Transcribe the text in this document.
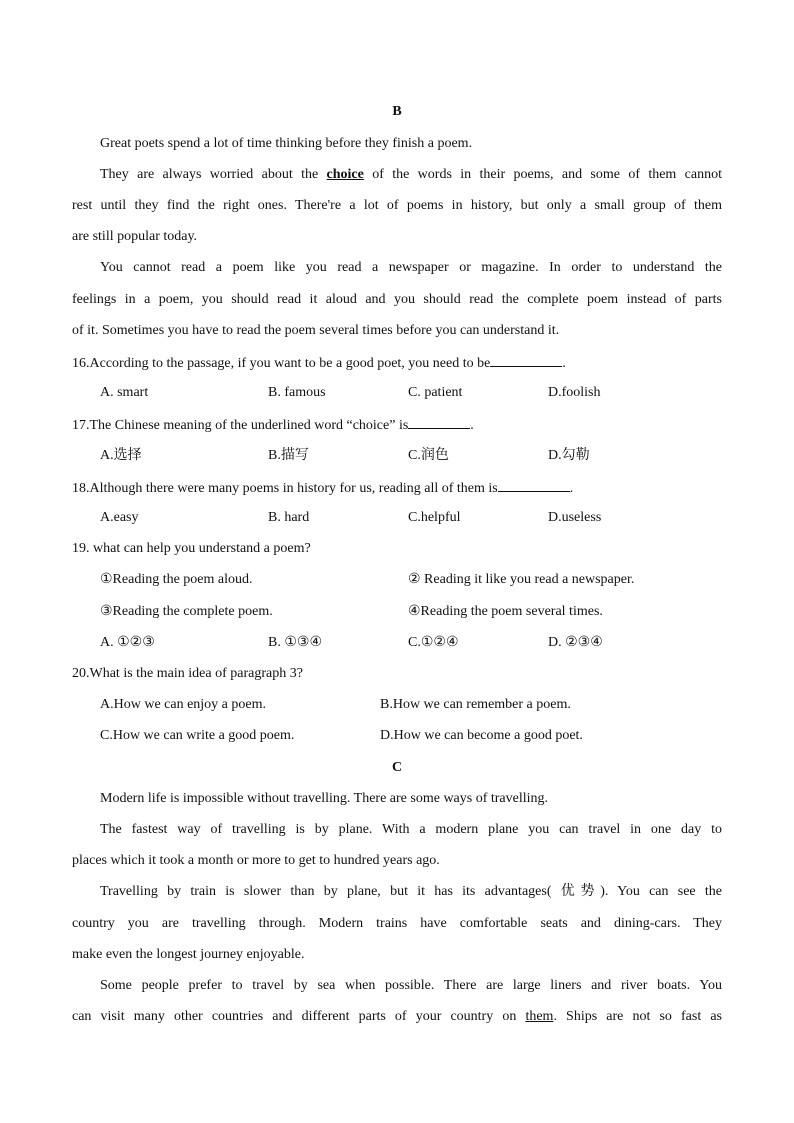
B
Great poets spend a lot of time thinking before they finish a poem.
They are always worried about the choice of the words in their poems, and some of them cannot
rest until they find the right ones. There're a lot of poems in history, but only a small group of them
are still popular today.
You cannot read a poem like you read a newspaper or magazine. In order to understand the
feelings in a poem, you should read it aloud and you should read the complete poem instead of parts
of it. Sometimes you have to read the poem several times before you can understand it.
16.According to the passage, if you want to be a good poet, you need to be	.
A. smart	B. famous	C. patient	D.foolish
17.The Chinese meaning of the underlined word “choice” is	.
A.选择	B.描写	C.润色	D.勾勒
18.Although there were many poems in history for us, reading all of them is	.
A.easy	B. hard	C.helpful	D.useless
19. what can help you understand a poem?
①Reading the poem aloud.	② Reading it like you read a newspaper.
③Reading the complete poem.	④Reading the poem several times.
A. ①②③	B. ①③④	C.①②④	D. ②③④
20.What is the main idea of paragraph 3?
A.How we can enjoy a poem.	B.How we can remember a poem.
C.How we can write a good poem.	D.How we can become a good poet.
C
Modern life is impossible without travelling. There are some ways of travelling.
The fastest way of travelling is by plane. With a modern plane you can travel in one day to
places which it took a month or more to get to hundred years ago.
Travelling by train is slower than by plane, but it has its advantages( 优势). You can see the
country you are travelling through. Modern trains have comfortable seats and dining-cars. They
make even the longest journey enjoyable.
Some people prefer to travel by sea when possible. There are large liners and river boats. You
can visit many other countries and different parts of your country on them. Ships are not so fast as
